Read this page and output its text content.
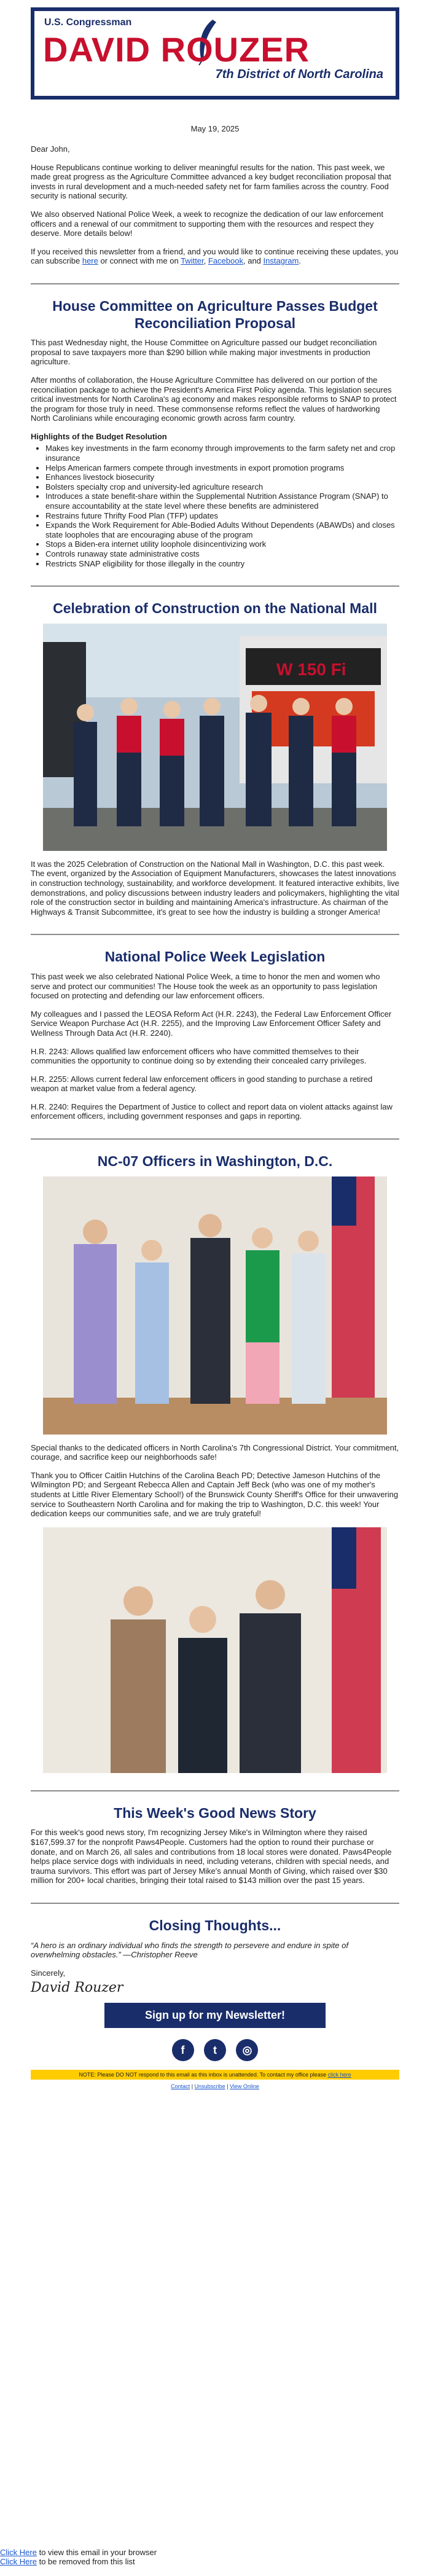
U.S. Congressman
DAVID ROUZER
7th District of North Carolina
May 19, 2025

Dear John,

House Republicans continue working to deliver meaningful results for the nation. This past week, we made great progress as the Agriculture Committee advanced a key budget reconciliation proposal that invests in rural development and a much-needed safety net for farm families across the country. Food security is national security.

We also observed National Police Week, a week to recognize the dedication of our law enforcement officers and a renewal of our commitment to supporting them with the resources and respect they deserve. More details below!

If you received this newsletter from a friend, and you would like to continue receiving these updates, you can subscribe here or connect with me on Twitter, Facebook, and Instagram.

House Committee on Agriculture Passes Budget Reconciliation Proposal

This past Wednesday night, the House Committee on Agriculture passed our budget reconciliation proposal to save taxpayers more than $290 billion while making major investments in production agriculture.

After months of collaboration, the House Agriculture Committee has delivered on our portion of the reconciliation package to achieve the President's America First Policy agenda. This legislation secures critical investments for North Carolina's ag economy and makes responsible reforms to SNAP to protect the program for those truly in need. These commonsense reforms reflect the values of hardworking North Carolinians while encouraging economic growth across farm country.

Highlights of the Budget Resolution
• Makes key investments in the farm economy through improvements to the farm safety net and crop insurance
• Helps American farmers compete through investments in export promotion programs
• Enhances livestock biosecurity
• Bolsters specialty crop and university-led agriculture research
• Introduces a state benefit-share within the Supplemental Nutrition Assistance Program (SNAP) to ensure accountability at the state level where these benefits are administered
• Restrains future Thrifty Food Plan (TFP) updates
• Expands the Work Requirement for Able-Bodied Adults Without Dependents (ABAWDs) and closes state loopholes that are encouraging abuse of the program
• Stops a Biden-era internet utility loophole disincentivizing work
• Controls runaway state administrative costs
• Restricts SNAP eligibility for those illegally in the country
Celebration of Construction on the National Mall
W 150 Fi

It was the 2025 Celebration of Construction on the National Mall in Washington, D.C. this past week. The event, organized by the Association of Equipment Manufacturers, showcases the latest innovations in construction technology, sustainability, and workforce development. It featured interactive exhibits, live demonstrations, and policy discussions between industry leaders and policymakers, highlighting the vital role of the construction sector in building and maintaining America's infrastructure. As chairman of the Highways & Transit Subcommittee, it's great to see how the industry is building a stronger America!

National Police Week Legislation

This past week we also celebrated National Police Week, a time to honor the men and women who serve and protect our communities! The House took the week as an opportunity to pass legislation focused on protecting and defending our law enforcement officers.

My colleagues and I passed the LEOSA Reform Act (H.R. 2243), the Federal Law Enforcement Officer Service Weapon Purchase Act (H.R. 2255), and the Improving Law Enforcement Officer Safety and Wellness Through Data Act (H.R. 2240).

H.R. 2243: Allows qualified law enforcement officers who have committed themselves to their communities the opportunity to continue doing so by extending their concealed carry privileges.

H.R. 2255: Allows current federal law enforcement officers in good standing to purchase a retired weapon at market value from a federal agency.

H.R. 2240: Requires the Department of Justice to collect and report data on violent attacks against law enforcement officers, including government responses and gaps in reporting.

NC-07 Officers in Washington, D.C.

Special thanks to the dedicated officers in North Carolina's 7th Congressional District. Your commitment, courage, and sacrifice keep our neighborhoods safe!

Thank you to Officer Caitlin Hutchins of the Carolina Beach PD; Detective Jameson Hutchins of the Wilmington PD; and Sergeant Rebecca Allen and Captain Jeff Beck (who was one of my mother's students at Little River Elementary School!) of the Brunswick County Sheriff's Office for their unwavering service to Southeastern North Carolina and for making the trip to Washington, D.C. this week! Your dedication keeps our communities safe, and we are truly grateful!

This Week's Good News Story

For this week's good news story, I'm recognizing Jersey Mike's in Wilmington where they raised $167,599.37 for the nonprofit Paws4People. Customers had the option to round their purchase or donate, and on March 26, all sales and contributions from 18 local stores were donated. Paws4People helps place service dogs with individuals in need, including veterans, children with special needs, and trauma survivors. This effort was part of Jersey Mike's annual Month of Giving, which raised over $30 million for 200+ local charities, bringing their total raised to $143 million over the past 15 years.

Closing Thoughts...

“A hero is an ordinary individual who finds the strength to persevere and endure in spite of overwhelming obstacles.” —Christopher Reeve

Sincerely,
David Rouzer
Sign up for my Newsletter!
f	t ◎
NOTE: Please DO NOT respond to this email as this inbox is unattended. To contact my office please click here
Contact | Unsubscribe | View Online
Click Here to view this email in your browser
Click Here to be removed from this list
